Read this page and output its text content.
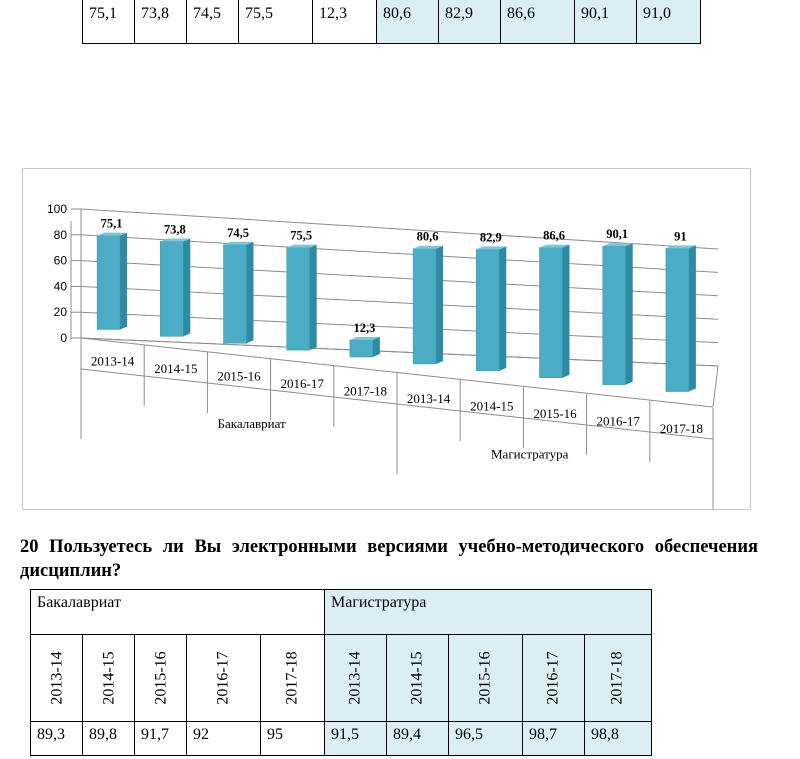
75,1	73,8	74,5	75,5	12,3	80,6	82,9	86,6	90,1	91,0
0
20
40
60
80
100
75,1	73,8	74,5	75,5
12,3
80,6	82,9	86,6	90,1	91
2013-14 2014-15 2015-16 2016-17 2017-18 2013-14 2014-15 2015-16 2016-17 2017-18
Бакалавриат
Магистратура

20 Пользуетесь ли Вы электронными версиями учебно-методического обеспечения дисциплин?

Бакалавриат					Магистратура				
2013-14	2014-15	2015-16	2016-17	2017-18	2013-14	2014-15	2015-16	2016-17	2017-18
89,3	89,8	91,7	92	95	91,5	89,4	96,5	98,7	98,8
